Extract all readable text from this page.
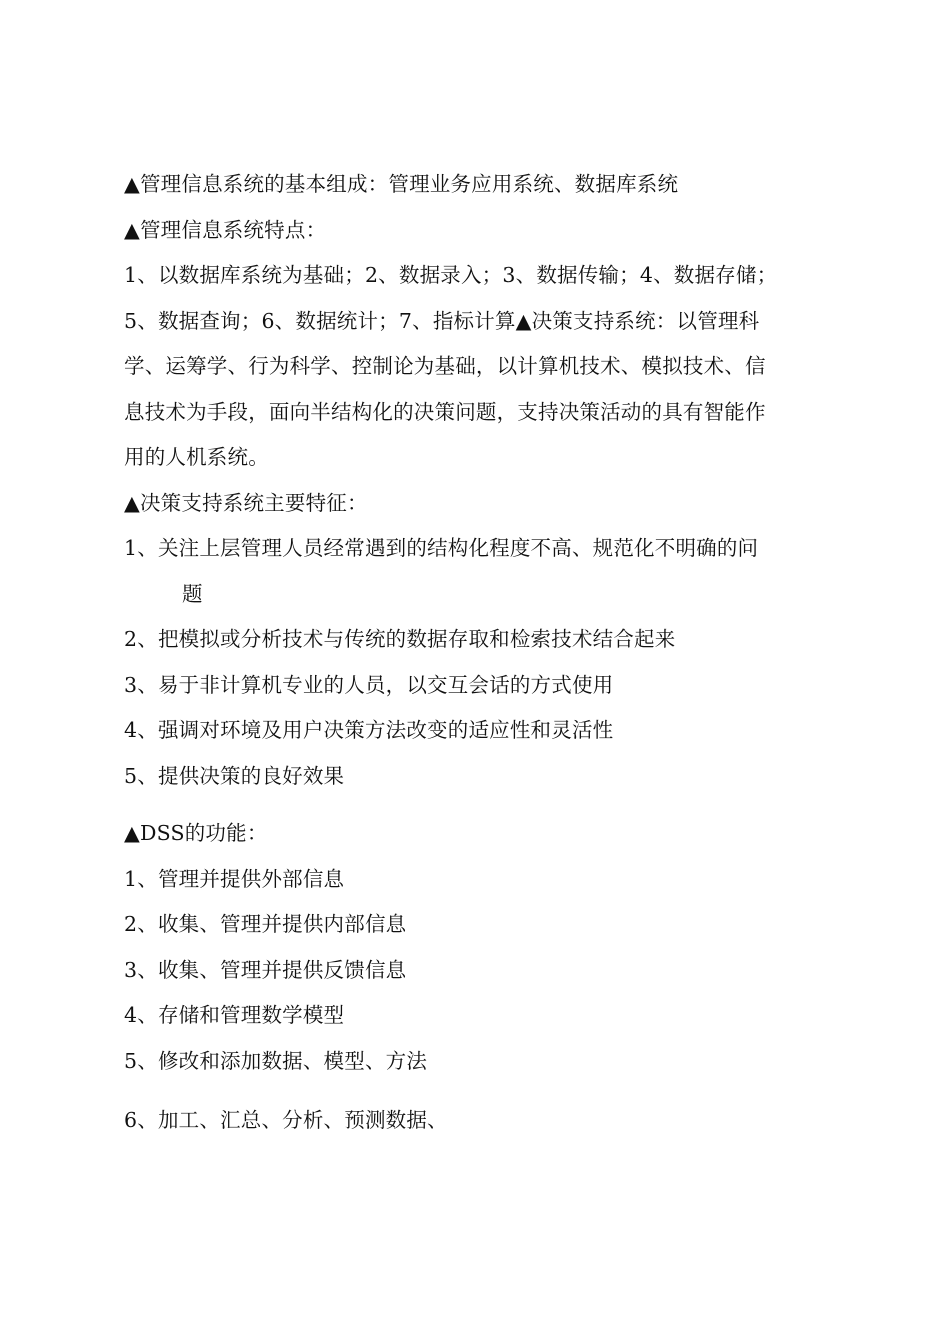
▲管理信息系统的基本组成：管理业务应用系统、数据库系统
▲管理信息系统特点：
1、以数据库系统为基础；2、数据录入；3、数据传输；4、数据存储；
5、数据查询；6、数据统计；7、指标计算▲决策支持系统：以管理科
学、运筹学、行为科学、控制论为基础，以计算机技术、模拟技术、信
息技术为手段，面向半结构化的决策问题，支持决策活动的具有智能作
用的人机系统。
▲决策支持系统主要特征：
1、关注上层管理人员经常遇到的结构化程度不高、规范化不明确的问
题
2、把模拟或分析技术与传统的数据存取和检索技术结合起来
3、易于非计算机专业的人员，以交互会话的方式使用
4、强调对环境及用户决策方法改变的适应性和灵活性
5、提供决策的良好效果
▲DSS的功能：
1、管理并提供外部信息
2、收集、管理并提供内部信息
3、收集、管理并提供反馈信息
4、存储和管理数学模型
5、修改和添加数据、模型、方法
6、加工、汇总、分析、预测数据、
